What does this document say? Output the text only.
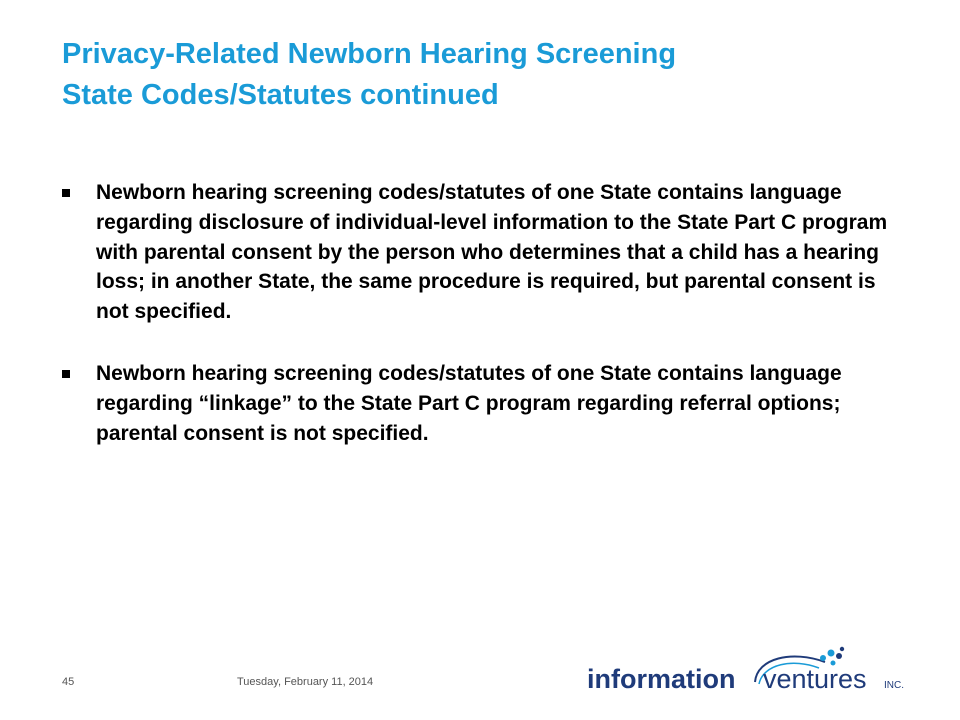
Privacy-Related Newborn Hearing Screening
State Codes/Statutes continued
Newborn hearing screening codes/statutes of one State contains language regarding disclosure of individual-level information to the State Part C program with parental consent by the person who determines that a child has a hearing loss; in another State, the same procedure is required, but parental consent is not specified.
Newborn hearing screening codes/statutes of one State contains language regarding “linkage” to the State Part C program regarding referral options; parental consent is not specified.
45	Tuesday, February 11, 2014	information ventures INC.
